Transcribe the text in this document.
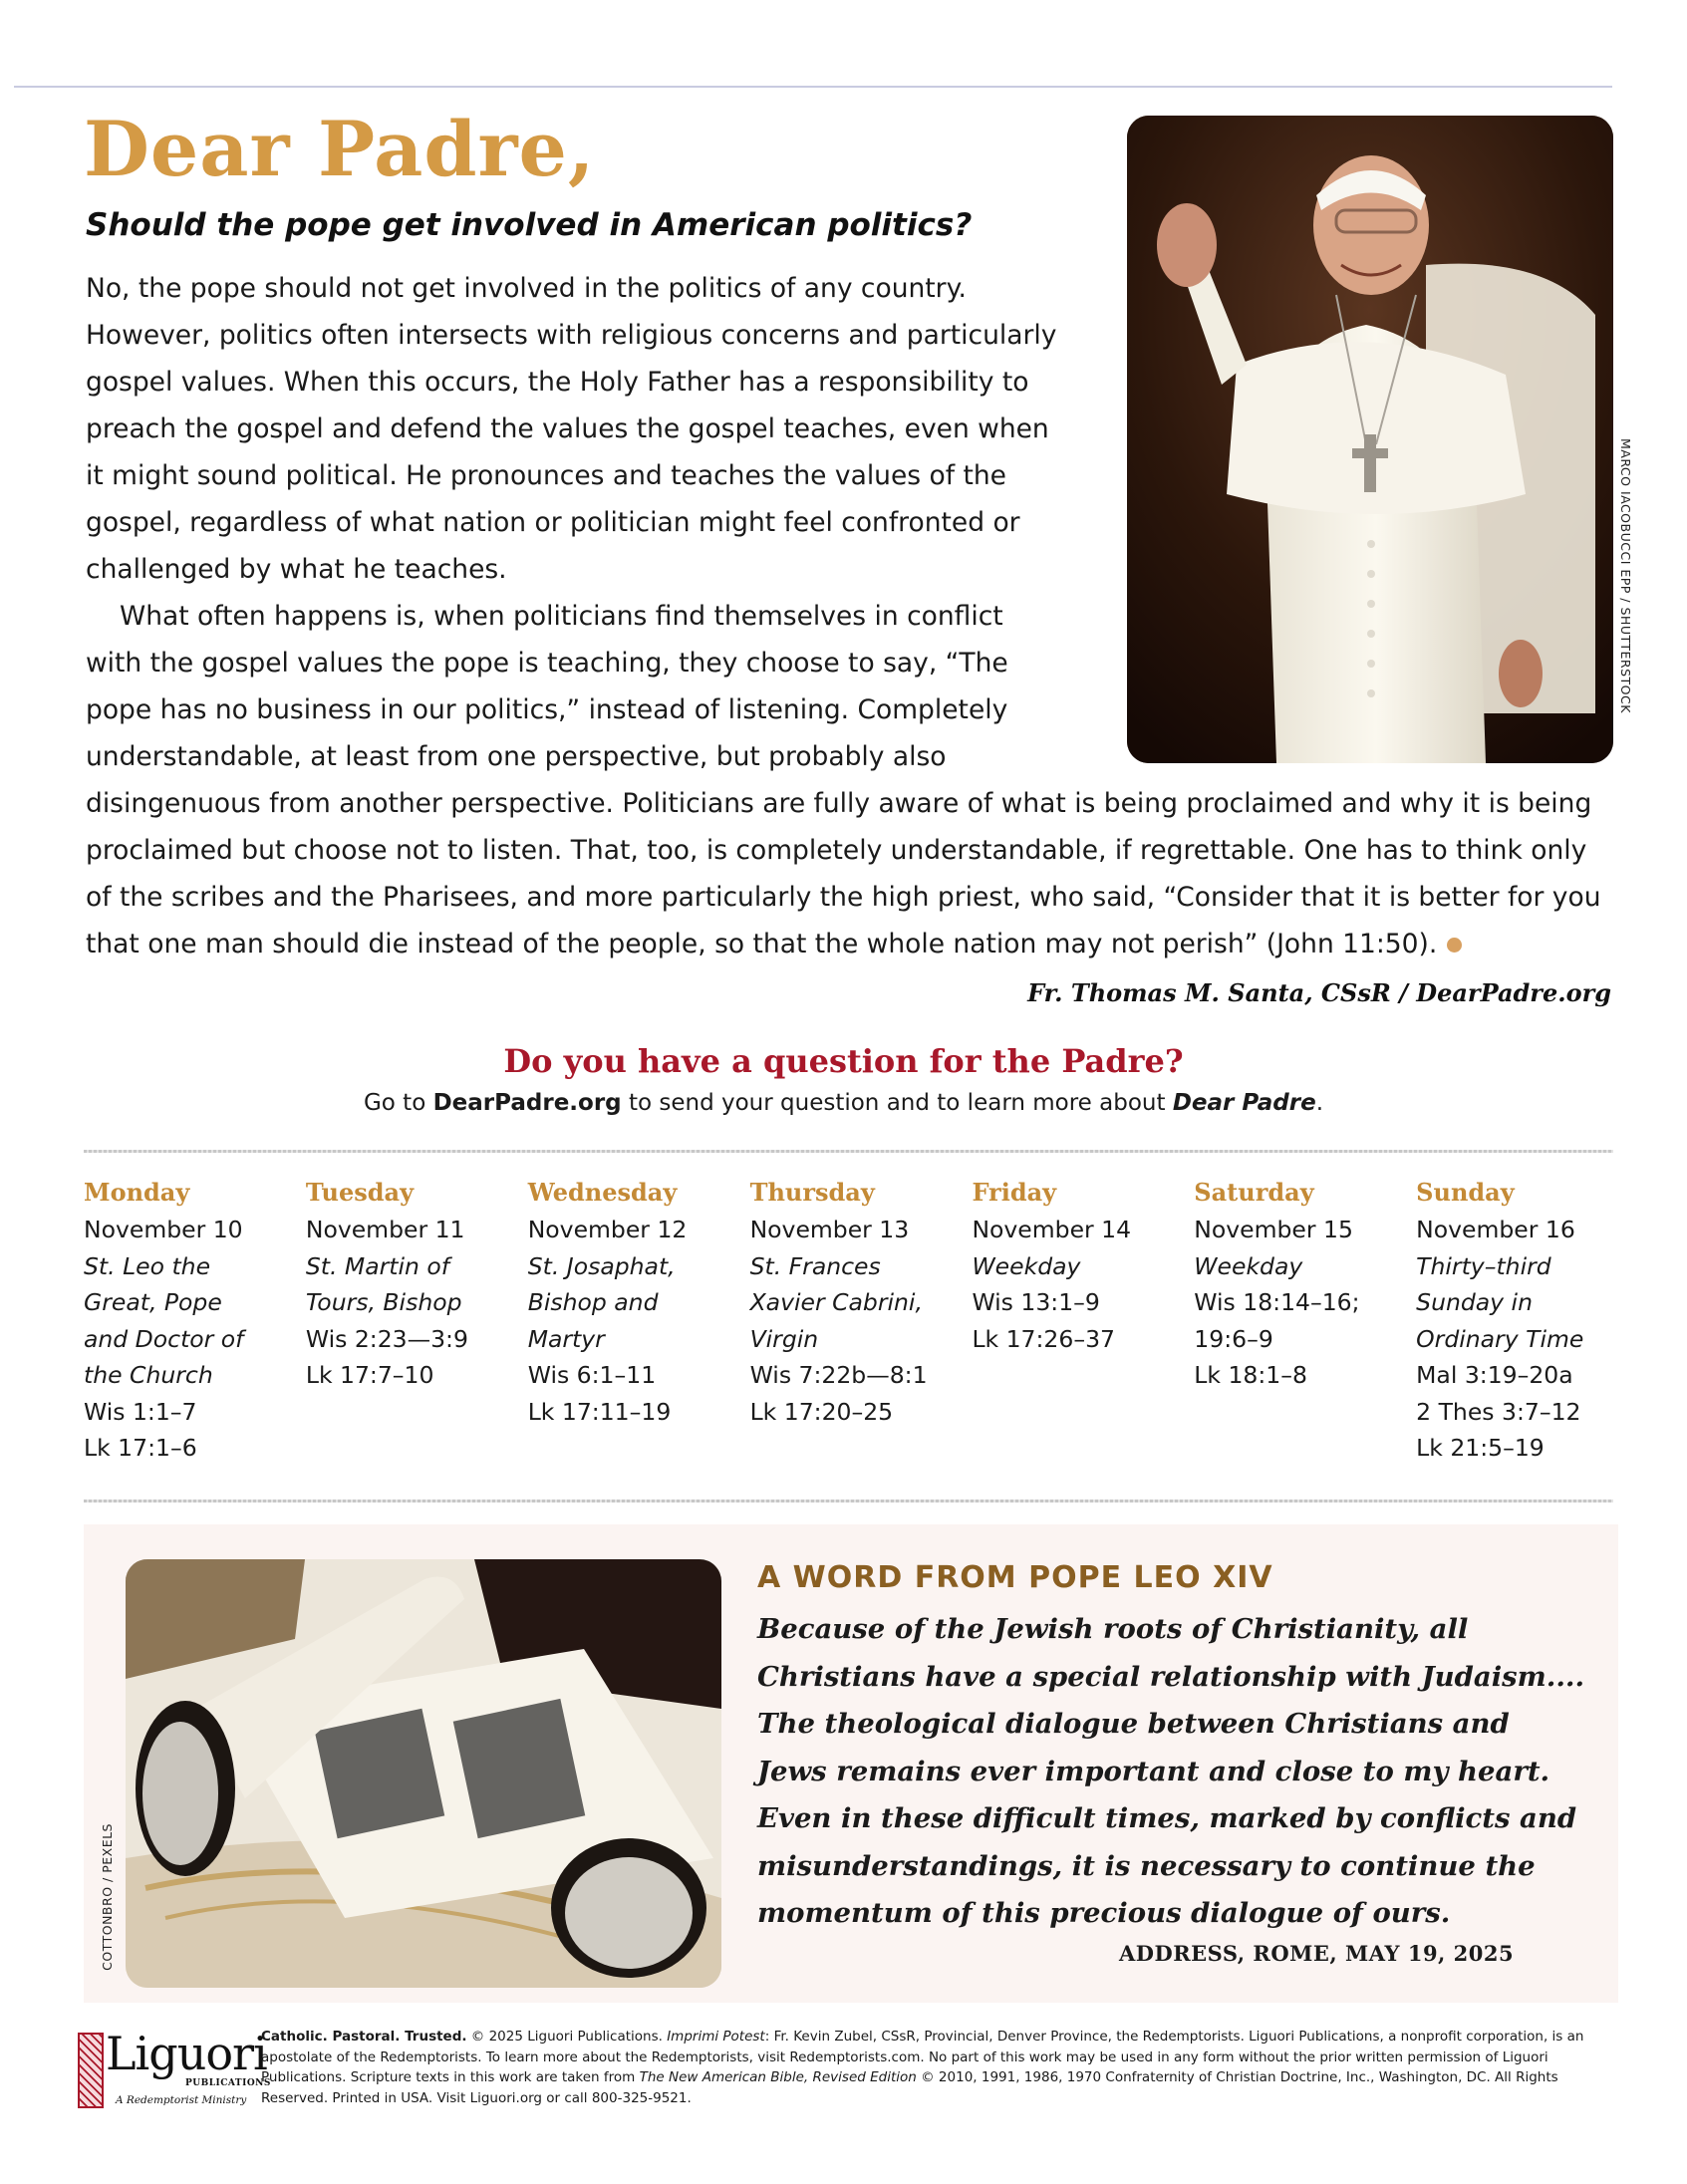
Dear Padre,
Should the pope get involved in American politics?
No, the pope should not get involved in the politics of any country.
However, politics often intersects with religious concerns and particularly
gospel values. When this occurs, the Holy Father has a responsibility to
preach the gospel and defend the values the gospel teaches, even when
it might sound political. He pronounces and teaches the values of the
gospel, regardless of what nation or politician might feel confronted or
challenged by what he teaches.
What often happens is, when politicians find themselves in conflict
with the gospel values the pope is teaching, they choose to say, “The
pope has no business in our politics,” instead of listening. Completely
understandable, at least from one perspective, but probably also
disingenuous from another perspective. Politicians are fully aware of what is being proclaimed and why it is being
proclaimed but choose not to listen. That, too, is completely understandable, if regrettable. One has to think only
of the scribes and the Pharisees, and more particularly the high priest, who said, “Consider that it is better for you
that one man should die instead of the people, so that the whole nation may not perish” (John 11:50).
MARCO IACOBUCCI EPP / SHUTTERSTOCK
Fr. Thomas M. Santa, CSsR / DearPadre.org
Do you have a question for the Padre?
Go to DearPadre.org to send your question and to learn more about Dear Padre.
Monday
November 10
St. Leo the
Great, Pope
and Doctor of
the Church
Wis 1:1–7
Lk 17:1–6
Tuesday
November 11
St. Martin of
Tours, Bishop
Wis 2:23—3:9
Lk 17:7–10
Wednesday
November 12
St. Josaphat,
Bishop and
Martyr
Wis 6:1–11
Lk 17:11–19
Thursday
November 13
St. Frances
Xavier Cabrini,
Virgin
Wis 7:22b—8:1
Lk 17:20–25
Friday
November 14
Weekday
Wis 13:1–9
Lk 17:26–37
Saturday
November 15
Weekday
Wis 18:14–16;
19:6–9
Lk 18:1–8
Sunday
November 16
Thirty–third
Sunday in
Ordinary Time
Mal 3:19–20a
2 Thes 3:7–12
Lk 21:5–19
COTTONBRO / PEXELS
A WORD FROM POPE LEO XIV
Because of the Jewish roots of Christianity, all
Christians have a special relationship with Judaism....
The theological dialogue between Christians and
Jews remains ever important and close to my heart.
Even in these difficult times, marked by conflicts and
misunderstandings, it is necessary to continue the
momentum of this precious dialogue of ours.
ADDRESS, ROME, MAY 19, 2025
Liguori
PUBLICATIONS
A Redemptorist Ministry
Catholic. Pastoral. Trusted. © 2025 Liguori Publications. Imprimi Potest: Fr. Kevin Zubel, CSsR, Provincial, Denver Province, the Redemptorists. Liguori Publications, a nonprofit corporation, is an apostolate of the Redemptorists. To learn more about the Redemptorists, visit Redemptorists.com. No part of this work may be used in any form without the prior written permission of Liguori Publications. Scripture texts in this work are taken from The New American Bible, Revised Edition © 2010, 1991, 1986, 1970 Confraternity of Christian Doctrine, Inc., Washington, DC. All Rights Reserved. Printed in USA. Visit Liguori.org or call 800-325-9521.
